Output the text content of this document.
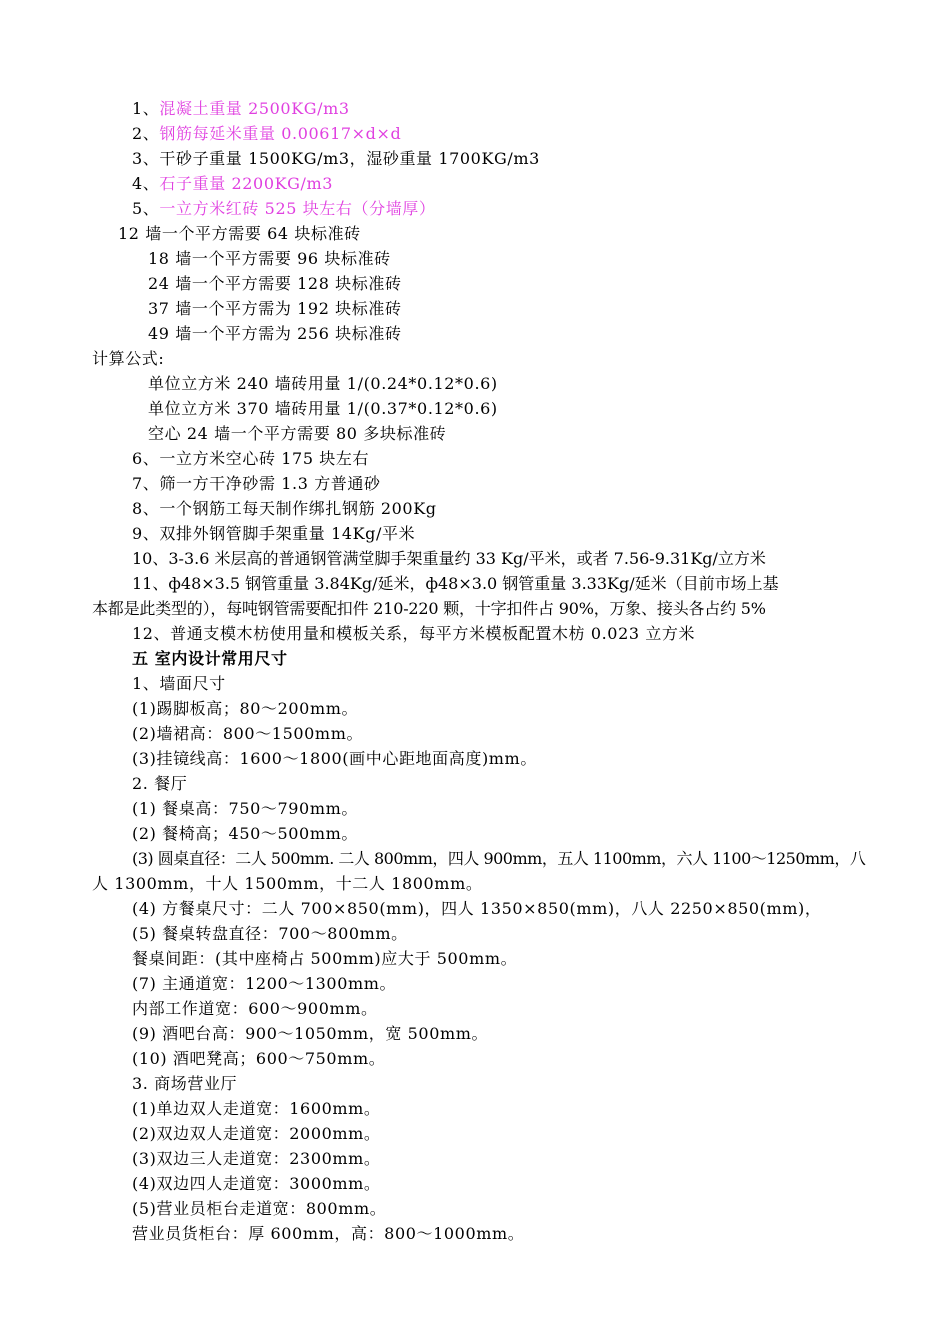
1、混凝土重量 2500KG/m3
2、钢筋每延米重量 0.00617×d×d
3、干砂子重量 1500KG/m3，湿砂重量 1700KG/m3
4、石子重量 2200KG/m3
5、一立方米红砖 525 块左右（分墙厚）
12 墙一个平方需要 64 块标准砖
18 墙一个平方需要 96 块标准砖
24 墙一个平方需要 128 块标准砖
37 墙一个平方需为 192 块标准砖
49 墙一个平方需为 256 块标准砖
计算公式:
单位立方米 240 墙砖用量 1/(0.24*0.12*0.6)
单位立方米 370 墙砖用量 1/(0.37*0.12*0.6)
空心 24 墙一个平方需要 80 多块标准砖
6、一立方米空心砖 175 块左右
7、筛一方干净砂需 1.3 方普通砂
8、一个钢筋工每天制作绑扎钢筋 200Kg
9、双排外钢管脚手架重量 14Kg/平米
10、3-3.6 米层高的普通钢管满堂脚手架重量约 33 Kg/平米，或者 7.56-9.31Kg/立方米
11、ф48×3.5 钢管重量 3.84Kg/延米，ф48×3.0 钢管重量 3.33Kg/延米（目前市场上基
本都是此类型的），每吨钢管需要配扣件 210-220 颗，十字扣件占 90%，万象、接头各占约 5%
12、普通支模木枋使用量和模板关系，每平方米模板配置木枋 0.023 立方米
五 室内设计常用尺寸
1、墙面尺寸
(1)踢脚板高；80～200mm。
(2)墙裙高：800～1500mm。
(3)挂镜线高：1600～1800(画中心距地面高度)mm。
2. 餐厅
(1) 餐桌高：750～790mm。
(2) 餐椅高；450～500mm。
(3) 圆桌直径：二人 500mm. 二人 800mm，四人 900mm，五人 1100mm，六人 1100～1250mm，八
人 1300mm，十人 1500mm，十二人 1800mm。
(4) 方餐桌尺寸：二人 700×850(mm)，四人 1350×850(mm)，八人 2250×850(mm)，
(5) 餐桌转盘直径：700～800mm。
餐桌间距：(其中座椅占 500mm)应大于 500mm。
(7) 主通道宽：1200～1300mm。
内部工作道宽：600～900mm。
(9) 酒吧台高：900～1050mm，宽 500mm。
(10) 酒吧凳高；600～750mm。
3. 商场营业厅
(1)单边双人走道宽：1600mm。
(2)双边双人走道宽：2000mm。
(3)双边三人走道宽：2300mm。
(4)双边四人走道宽：3000mm。
(5)营业员柜台走道宽：800mm。
营业员货柜台：厚 600mm，高：800～1000mm。
